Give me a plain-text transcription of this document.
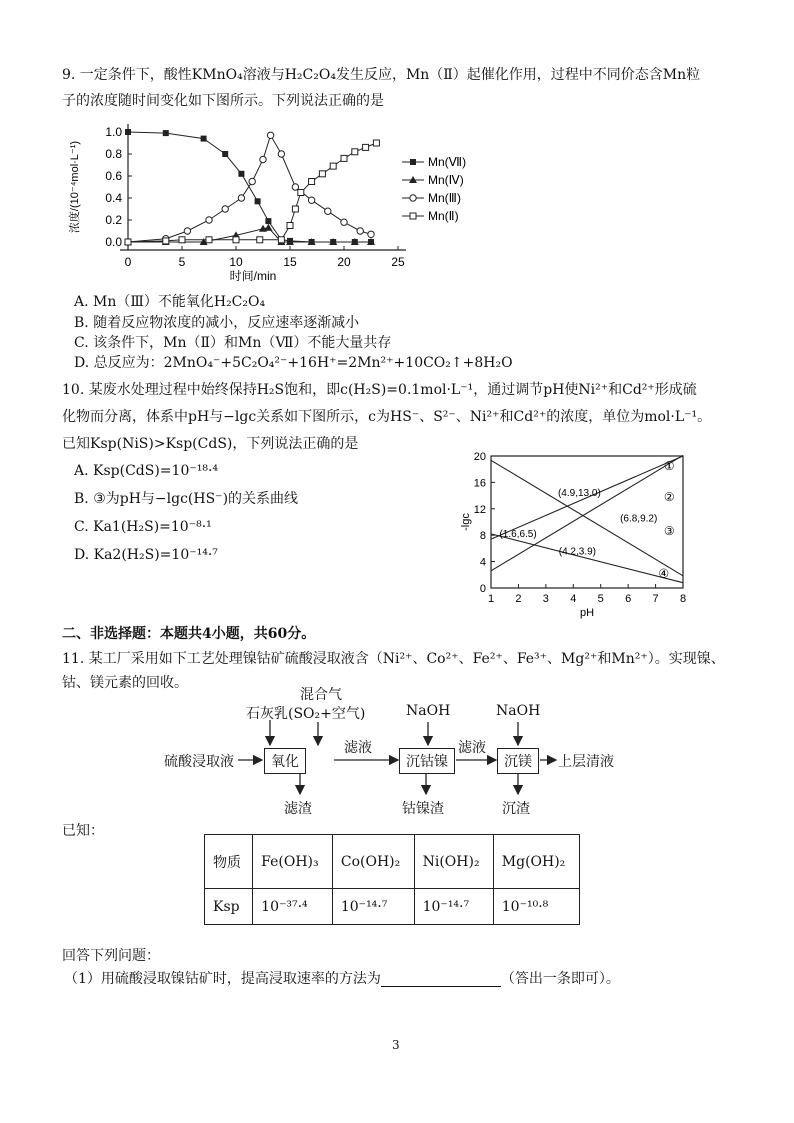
9. 一定条件下，酸性KMnO₄溶液与H₂C₂O₄发生反应，Mn（Ⅱ）起催化作用，过程中不同价态含Mn粒
子的浓度随时间变化如下图所示。下列说法正确的是
0.0
0.2
0.4
0.6
0.8
1.0
0	5	10	15	20	25
时间/min
浓度/(10⁻⁴mol·L⁻¹)	Mn(Ⅶ)
Mn(Ⅳ)
Mn(Ⅲ)
Mn(Ⅱ)
A. Mn（Ⅲ）不能氧化H₂C₂O₄
B. 随着反应物浓度的减小，反应速率逐渐减小
C. 该条件下，Mn（Ⅱ）和Mn（Ⅶ）不能大量共存
D. 总反应为：2MnO₄⁻+5C₂O₄²⁻+16H⁺=2Mn²⁺+10CO₂↑+8H₂O
10. 某废水处理过程中始终保持H₂S饱和，即c(H₂S)=0.1mol·L⁻¹，通过调节pH使Ni²⁺和Cd²⁺形成硫
化物而分离，体系中pH与−lgc关系如下图所示，c为HS⁻、S²⁻、Ni²⁺和Cd²⁺的浓度，单位为mol·L⁻¹。
已知Ksp(NiS)>Ksp(CdS)，下列说法正确的是
A. Ksp(CdS)=10⁻¹⁸·⁴
B. ③为pH与−lgc(HS⁻)的关系曲线
C. Ka1(H₂S)=10⁻⁸·¹
D. Ka2(H₂S)=10⁻¹⁴·⁷
0
4
8
12
16
20
1 2 3 4 5 6 7 8
pH
-lgc
①
②
③
④
(4.9,13.0)
(6.8,9.2)
(1.6,6.5)
(4.2,3.9)
二、非选择题：本题共4小题，共60分。
11. 某工厂采用如下工艺处理镍钴矿硫酸浸取液含（Ni²⁺、Co²⁺、Fe²⁺、Fe³⁺、Mg²⁺和Mn²⁺）。实现镍、
钴、镁元素的回收。
硫酸浸取液	氧化	沉钴镍	沉镁	上层清液
石灰乳
混合气
(SO₂+空气)	NaOH	NaOH
滤液	滤液
滤渣	钴镍渣	沉渣
已知：
物质	Fe(OH)₃	Co(OH)₂	Ni(OH)₂	Mg(OH)₂
Ksp	10⁻³⁷·⁴	10⁻¹⁴·⁷	10⁻¹⁴·⁷	10⁻¹⁰·⁸
回答下列问题：
（1）用硫酸浸取镍钴矿时，提高浸取速率的方法为	（答出一条即可）。
3
